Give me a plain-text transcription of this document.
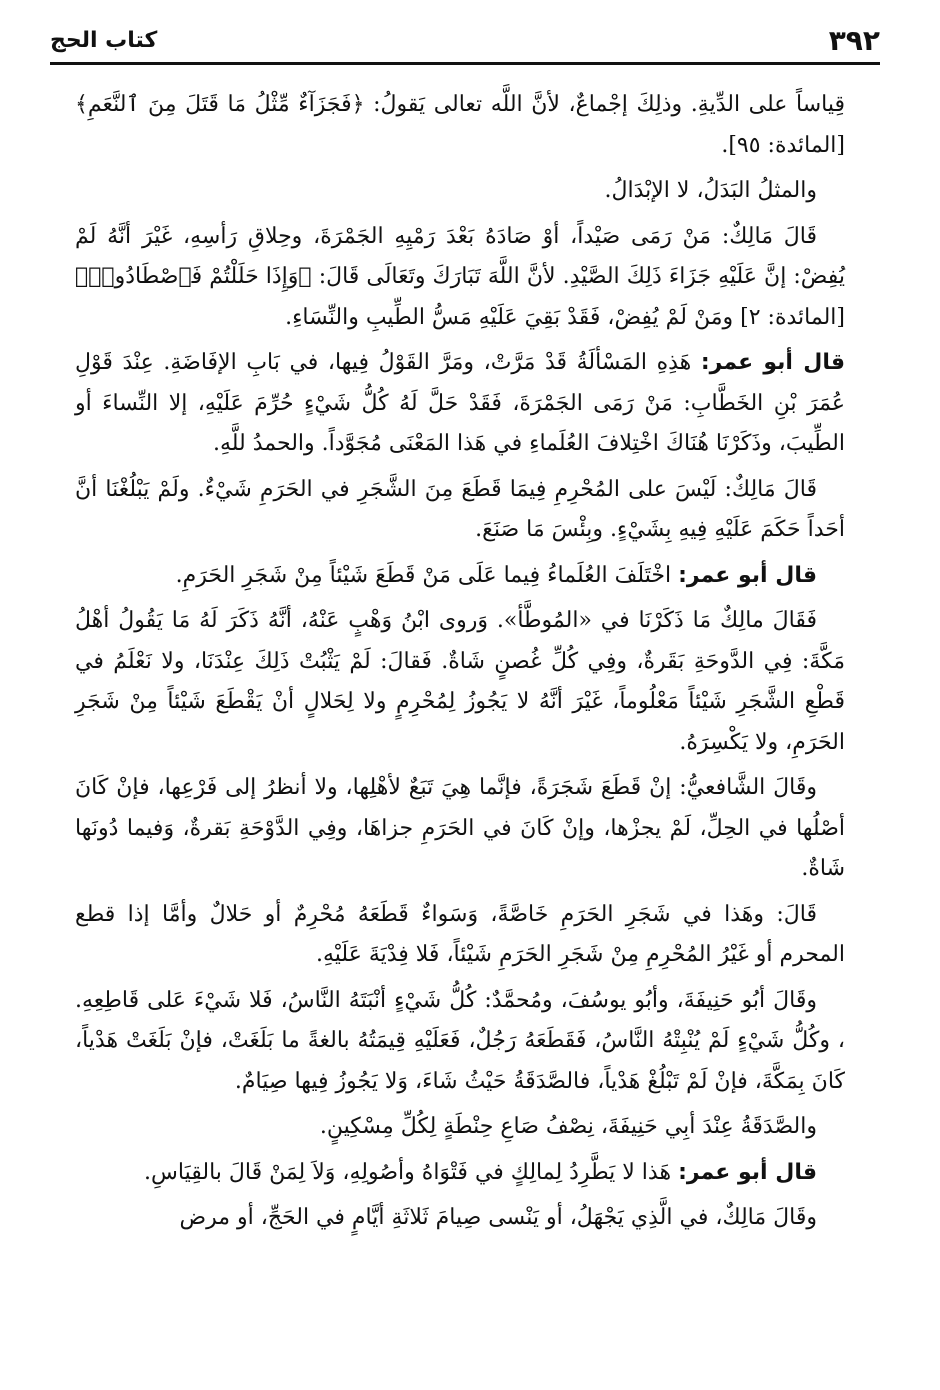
٣٩٢
كتاب الحج

قِياساً على الدِّيةِ. وذلِكَ إجْماعٌ، لأنَّ اللَّه تعالى يَقولُ: ﴿فَجَزَآءٌ مِّثْلُ مَا قَتَلَ مِنَ ٱلنَّعَمِ﴾ [المائدة: ٩٥].

والمثلُ البَدَلُ، لا الإبْدَالُ.

قَالَ مَالِكٌ: مَنْ رَمَى صَيْداً، أوْ صَادَهُ بَعْدَ رَمْيِهِ الجَمْرَةَ، وحِلاقِ رَأسِهِ، غَيْرَ أنَّهُ لَمْ يُفِضْ: إنَّ عَلَيْهِ جَزَاءَ ذَلِكَ الصَّيْدِ. لأنَّ اللَّهَ تَبَارَكَ وتَعَالَى قَالَ: ﴿وَإِذَا حَلَلْتُمْ فَٱصْطَادُوا۟﴾ [المائدة: ٢] ومَنْ لَمْ يُفِضْ، فَقَدْ بَقِيَ عَلَيْهِ مَسُّ الطِّيبِ والنِّسَاءِ.

قال أبو عمر: هَذِهِ المَسْألَةُ قَدْ مَرَّتْ، ومَرَّ القَوْلُ فِيها، في بَابِ الإفَاضَةِ. عِنْدَ قَوْلِ عُمَرَ بْنِ الخَطَّابِ: مَنْ رَمَى الجَمْرَةَ، فَقَدْ حَلَّ لَهُ كُلُّ شَيْءٍ حُرِّمَ عَلَيْهِ، إلا النِّساءَ أو الطِّيبَ، وذَكَرْنَا هُنَاكَ اخْتِلافَ العُلَماءِ في هَذا المَعْنَى مُجَوَّداً. والحمدُ للَّهِ.

قَالَ مَالِكٌ: لَيْسَ على المُحْرِمِ فِيمَا قَطَعَ مِنَ الشَّجَرِ في الحَرَمِ شَيْءٌ. ولَمْ يَبْلُغْنَا أنَّ أحَداً حَكَمَ عَلَيْهِ فِيهِ بِشَيْءٍ. وبِئْسَ مَا صَنَعَ.

قال أبو عمر: اخْتَلَفَ العُلَماءُ فِيما عَلَى مَنْ قَطَعَ شَيْئاً مِنْ شَجَرِ الحَرَمِ.

فَقَالَ مالِكٌ مَا ذَكَرْنَا في «المُوطَّأ». وَروى ابْنُ وَهْبٍ عَنْهُ، أنَّهُ ذَكَرَ لَهُ مَا يَقُولُ أهْلُ مَكَّةَ: فِي الدَّوحَةِ بَقَرةٌ، وفِي كُلِّ غُصنٍ شَاةٌ. فَقالَ: لَمْ يَثْبُتْ ذَلِكَ عِنْدَنَا، ولا نَعْلَمُ في قَطْعِ الشَّجَرِ شَيْئاً مَعْلُوماً، غَيْرَ أنَّهُ لا يَجُوزُ لِمُحْرِمٍ ولا لِحَلالٍ أنْ يَقْطَعَ شَيْئاً مِنْ شَجَرِ الحَرَمِ، ولا يَكْسِرَهُ.

وقَالَ الشَّافعيُّ: إنْ قَطَعَ شَجَرَةً، فإنَّما هِيَ تَبَعٌ لأهْلِها، ولا أنظرُ إلى فَرْعِها، فإنْ كَانَ أصْلُها في الحِلِّ، لَمْ يجزْها، وإنْ كَانَ في الحَرَمِ جزاهَا، وفِي الدَّوْحَةِ بَقرةٌ، وَفيما دُونَها شَاةٌ.

قَالَ: وهَذا في شَجَرِ الحَرَمِ خَاصَّةً، وَسَواءٌ قَطَعَهُ مُحْرِمٌ أو حَلالٌ وأمَّا إذا قطع المحرم أو غَيْرُ المُحْرِمِ مِنْ شَجَرِ الحَرَمِ شَيْئاً، فَلا فِدْيَةَ عَلَيْهِ.

وقَالَ أبُو حَنِيفَةَ، وأبُو يوسُفَ، ومُحمَّدٌ: كُلُّ شَيْءٍ أنْبَتَهُ النَّاسُ، فَلا شَيْءَ عَلى قَاطِعِهِ. ، وكُلُّ شَيْءٍ لَمْ يُنْبِتْهُ النَّاسُ، فَقَطَعَهُ رَجُلٌ، فَعَلَيْهِ قِيمَتُهُ بالغةً ما بَلَغَتْ، فإنْ بَلَغَتْ هَدْياً، كَانَ بِمَكَّةَ، فإنْ لَمْ تَبْلُغْ هَدْياً، فالصَّدَقَةُ حَيْثُ شَاءَ، وَلا يَجُوزُ فِيها صِيَامٌ.

والصَّدَقَةُ عِنْدَ أبِي حَنِيفَةَ، نِصْفُ صَاعِ حِنْطَةٍ لِكُلِّ مِسْكِينٍ.

قال أبو عمر: هَذا لا يَطَّرِدُ لِمالِكٍ في فَتْوَاهُ وأصُولِهِ، وَلاَ لِمَنْ قَالَ بالقِيَاسِ.

وقَالَ مَالِكٌ، في الَّذِي يَجْهَلُ، أو يَنْسى صِيامَ ثَلاثَةِ أيَّامٍ في الحَجِّ، أو مرض
